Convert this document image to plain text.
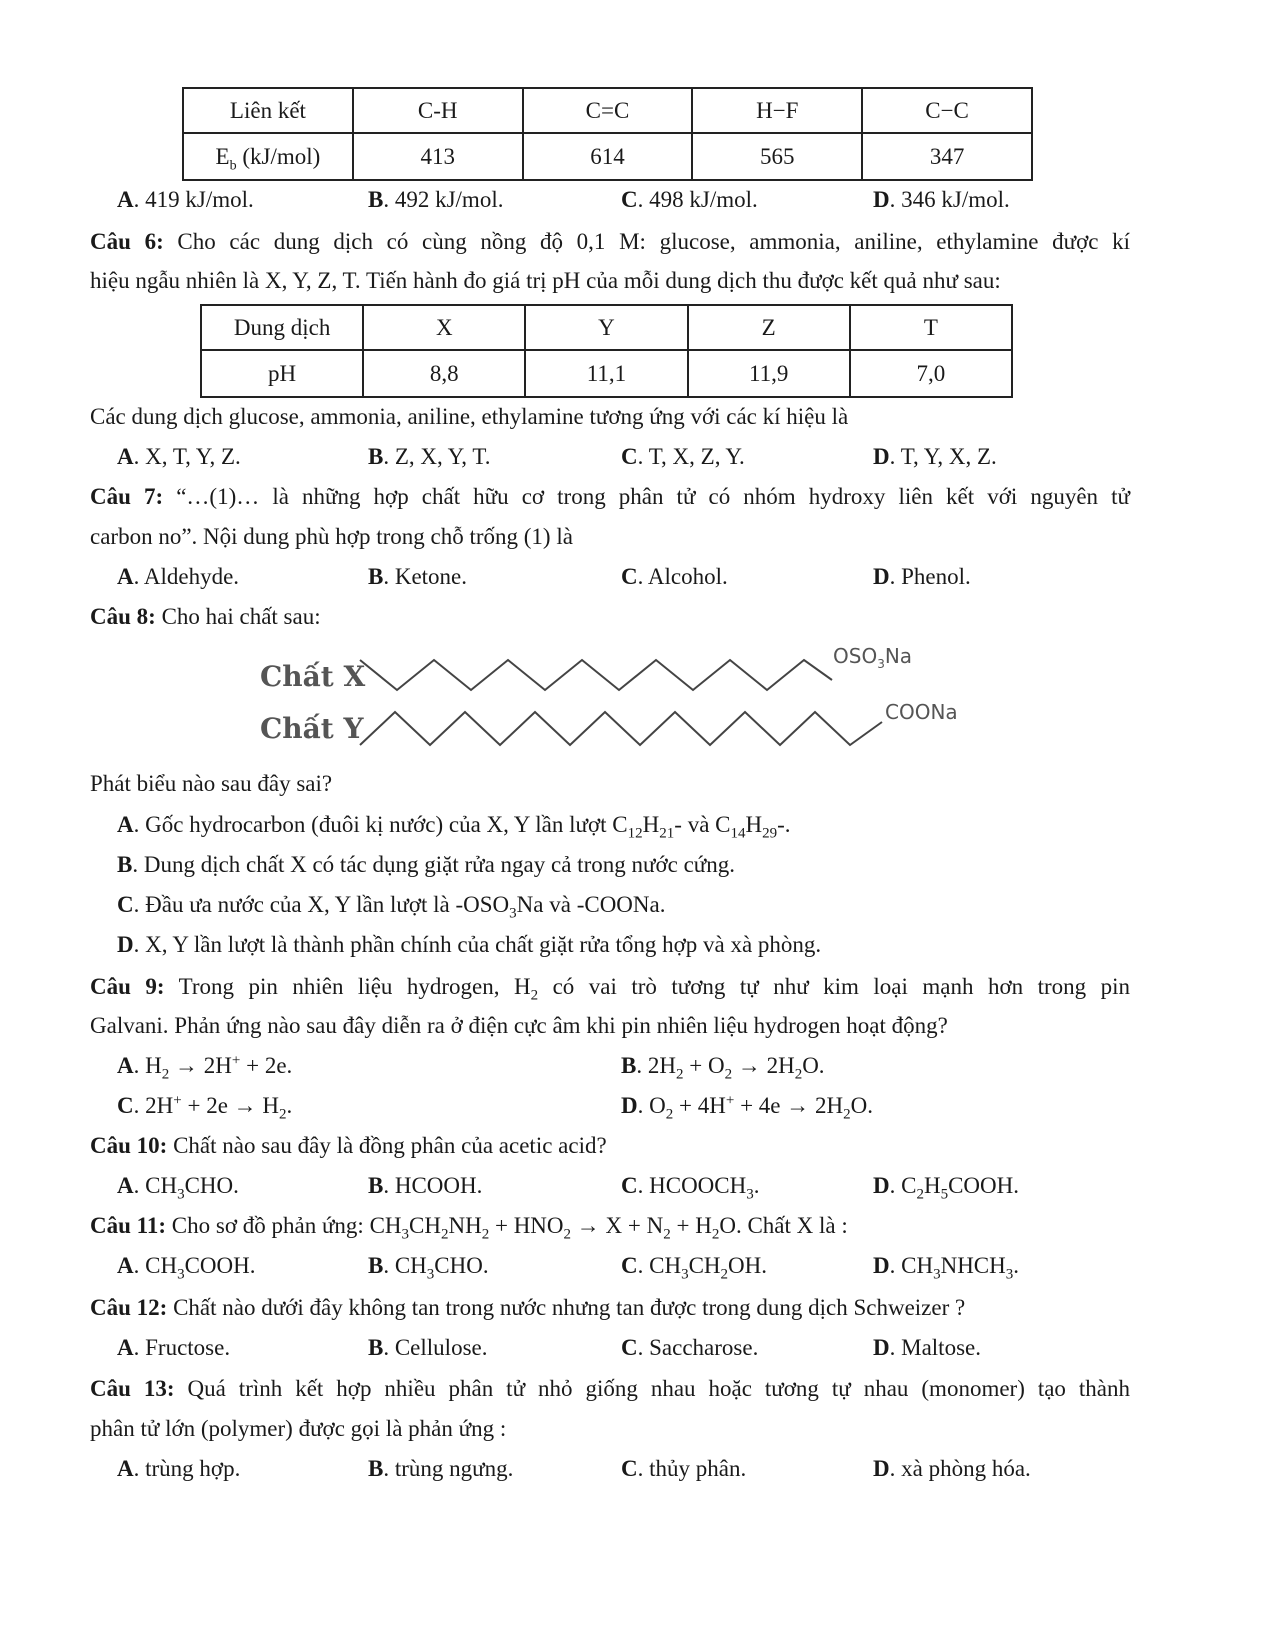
Liên kết	C-H	C=C	H−F	C−C
$E_b$ (kJ/mol)	413	614	565	347
A. 419 kJ/mol.	B. 492 kJ/mol.	C. 498 kJ/mol.	D. 346 kJ/mol.
Câu 6: Cho các dung dịch có cùng nồng độ 0,1 M: glucose, ammonia, aniline, ethylamine được kí
hiệu ngẫu nhiên là X, Y, Z, T. Tiến hành đo giá trị pH của mỗi dung dịch thu được kết quả như sau:
Dung dịch	X	Y	Z	T
pH	8,8	11,1	11,9	7,0
Các dung dịch glucose, ammonia, aniline, ethylamine tương ứng với các kí hiệu là
A. X, T, Y, Z.	B. Z, X, Y, T.	C. T, X, Z, Y.	D. T, Y, X, Z.
Câu 7: “…(1)… là những hợp chất hữu cơ trong phân tử có nhóm hydroxy liên kết với nguyên tử
carbon no”. Nội dung phù hợp trong chỗ trống (1) là
A. Aldehyde.	B. Ketone.	C. Alcohol.	D. Phenol.
Câu 8: Cho hai chất sau:
Chất X
Chất Y
$OSO_3Na$
COONa
Phát biểu nào sau đây sai?
A. Gốc hydrocarbon (đuôi kị nước) của X, Y lần lượt $C_{12}H_{21}-$ và $C_{14}H_{29}-$.
B. Dung dịch chất X có tác dụng giặt rửa ngay cả trong nước cứng.
C. Đầu ưa nước của X, Y lần lượt là $-OSO_3Na$ và -COONa.
D. X, Y lần lượt là thành phần chính của chất giặt rửa tổng hợp và xà phòng.
Câu 9: Trong pin nhiên liệu hydrogen, $H_2$ có vai trò tương tự như kim loại mạnh hơn trong pin
Galvani. Phản ứng nào sau đây diễn ra ở điện cực âm khi pin nhiên liệu hydrogen hoạt động?
A. $H_2 \to 2H^+ + 2e$.	B. $2H_2 + O_2 \to 2H_2O$.
C. $2H^+ + 2e \to H_2$.	D. $O_2 + 4H^+ + 4e \to 2H_2O$.
Câu 10: Chất nào sau đây là đồng phân của acetic acid?
A. $CH_3CHO$.	B. HCOOH.	C. $HCOOCH_3$.	D. $C_2H_5COOH$.
Câu 11: Cho sơ đồ phản ứng: $CH_3CH_2NH_2 + HNO_2 \to X + N_2 + H_2O$. Chất X là :
A. $CH_3COOH$.	B. $CH_3CHO$.	C. $CH_3CH_2OH$.	D. $CH_3NHCH_3$.
Câu 12: Chất nào dưới đây không tan trong nước nhưng tan được trong dung dịch Schweizer ?
A. Fructose.	B. Cellulose.	C. Saccharose.	D. Maltose.
Câu 13: Quá trình kết hợp nhiều phân tử nhỏ giống nhau hoặc tương tự nhau (monomer) tạo thành
phân tử lớn (polymer) được gọi là phản ứng :
A. trùng hợp.	B. trùng ngưng.	C. thủy phân.	D. xà phòng hóa.
